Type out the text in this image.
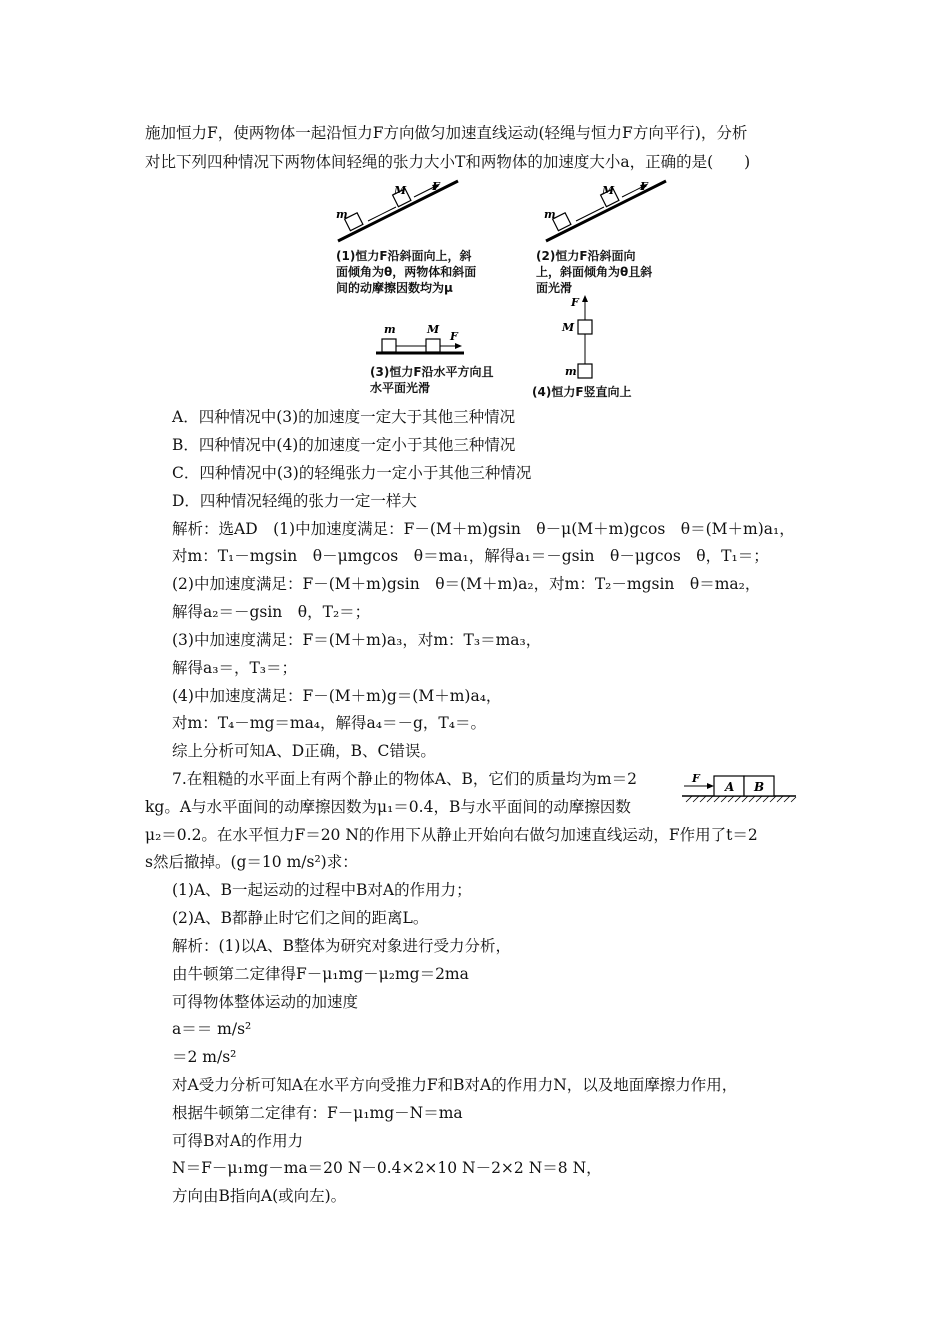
施加恒力F，使两物体一起沿恒力F方向做匀加速直线运动(轻绳与恒力F方向平行)，分析
对比下列四种情况下两物体间轻绳的张力大小T和两物体的加速度大小a，正确的是(　　)
m
M F
(1)恒力F沿斜面向上，斜
面倾角为θ，两物体和斜面
间的动摩擦因数均为μ
m
M F
(2)恒力F沿斜面向
上，斜面倾角为θ且斜
面光滑
m	M
F
(3)恒力F沿水平方向且
水平面光滑
F
M
m
(4)恒力F竖直向上
A．四种情况中(3)的加速度一定大于其他三种情况
B．四种情况中(4)的加速度一定小于其他三种情况
C．四种情况中(3)的轻绳张力一定小于其他三种情况
D．四种情况轻绳的张力一定一样大
解析：选AD　(1)中加速度满足：F－(M＋m)gsin　θ－μ(M＋m)gcos　θ＝(M＋m)a₁，
对m：T₁－mgsin　θ－μmgcos　θ＝ma₁，解得a₁＝－gsin　θ－μgcos　θ，T₁＝；
(2)中加速度满足：F－(M＋m)gsin　θ＝(M＋m)a₂，对m：T₂－mgsin　θ＝ma₂，
解得a₂＝－gsin　θ，T₂＝；
(3)中加速度满足：F＝(M＋m)a₃，对m：T₃＝ma₃，
解得a₃＝，T₃＝；
(4)中加速度满足：F－(M＋m)g＝(M＋m)a₄，
对m：T₄－mg＝ma₄，解得a₄＝－g，T₄＝。
综上分析可知A、D正确，B、C错误。
7.在粗糙的水平面上有两个静止的物体A、B，它们的质量均为m＝2
kg。A与水平面间的动摩擦因数为μ₁＝0.4，B与水平面间的动摩擦因数
μ₂＝0.2。在水平恒力F＝20 N的作用下从静止开始向右做匀加速直线运动，F作用了t＝2
s然后撤掉。(g＝10 m/s²)求：
(1)A、B一起运动的过程中B对A的作用力；
(2)A、B都静止时它们之间的距离L。
F
A B
解析：(1)以A、B整体为研究对象进行受力分析，
由牛顿第二定律得F－μ₁mg－μ₂mg＝2ma
可得物体整体运动的加速度
a＝＝ m/s²
＝2 m/s²
对A受力分析可知A在水平方向受推力F和B对A的作用力N，以及地面摩擦力作用，
根据牛顿第二定律有：F－μ₁mg－N＝ma
可得B对A的作用力
N＝F－μ₁mg－ma＝20 N－0.4×2×10 N－2×2 N＝8 N，
方向由B指向A(或向左)。
